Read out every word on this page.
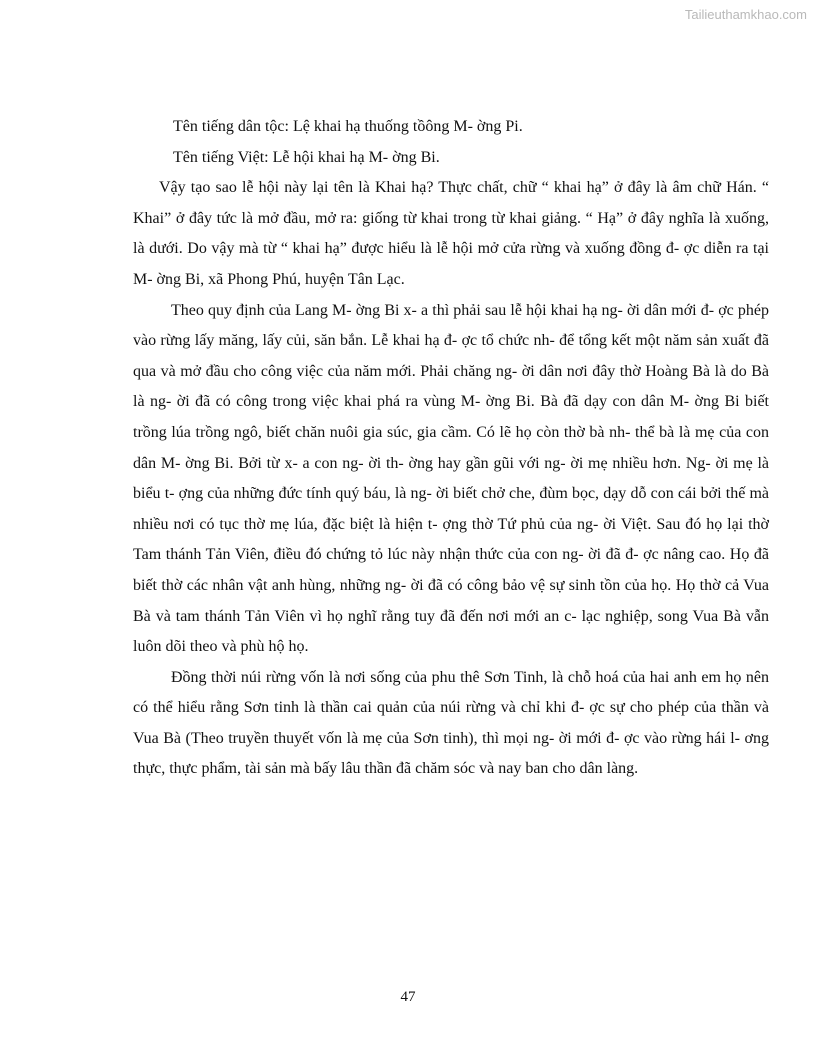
Tailieuthamkhao.com

Tên tiếng dân tộc: Lệ khai hạ thuống tồông M- ờng Pi.

Tên tiếng Việt: Lễ hội khai hạ M- ờng Bi.

Vậy tạo sao lễ hội này lại tên là Khai hạ? Thực chất, chữ “ khai hạ” ở đây là âm chữ Hán. “ Khai” ở đây tức là mở đầu, mở ra: giống từ khai trong từ khai giảng. “ Hạ” ở đây nghĩa là xuống, là dưới. Do vậy mà từ “ khai hạ” được hiểu là lễ hội mở cửa rừng và xuống đồng đ- ợc diễn ra tại M- ờng Bi, xã Phong Phú, huyện Tân Lạc.

Theo quy định của Lang M- ờng Bi x- a thì phải sau lễ hội khai hạ ng- ời dân mới đ- ợc phép vào rừng lấy măng, lấy củi, săn bắn. Lễ khai hạ đ- ợc tổ chức nh- để tổng kết một năm sản xuất đã qua và mở đầu cho công việc của năm mới. Phải chăng ng- ời dân nơi đây thờ Hoàng Bà là do Bà là ng- ời đã có công trong việc khai phá ra vùng M- ờng Bi. Bà đã dạy con dân M- ờng Bi biết trồng lúa trồng ngô, biết chăn nuôi gia súc, gia cầm. Có lẽ họ còn thờ bà nh- thể bà là mẹ của con dân M- ờng Bi. Bởi từ x- a con ng- ời th- ờng hay gần gũi với ng- ời mẹ nhiều hơn. Ng- ời mẹ là biểu t- ợng của những đức tính quý báu, là ng- ời biết chở che, đùm bọc, dạy dỗ con cái bởi thế mà nhiều nơi có tục thờ mẹ lúa, đặc biệt là hiện t- ợng thờ Tứ phủ của ng- ời Việt. Sau đó họ lại thờ Tam thánh Tản Viên, điều đó chứng tỏ lúc này nhận thức của con ng- ời đã đ- ợc nâng cao. Họ đã biết thờ các nhân vật anh hùng, những ng- ời đã có công bảo vệ sự sinh tồn của họ. Họ thờ cả Vua Bà và tam thánh Tản Viên vì họ nghĩ rằng tuy đã đến nơi mới an c- lạc nghiệp, song Vua Bà vẫn luôn dõi theo và phù hộ họ.

Đồng thời núi rừng vốn là nơi sống của phu thê Sơn Tinh, là chỗ hoá của hai anh em họ nên có thể hiểu rằng Sơn tinh là thần cai quản của núi rừng và chỉ khi đ- ợc sự cho phép của thần và Vua Bà (Theo truyền thuyết vốn là mẹ của Sơn tinh), thì mọi ng- ời mới đ- ợc vào rừng hái l- ơng thực, thực phẩm, tài sản mà bấy lâu thần đã chăm sóc và nay ban cho dân làng.

47
